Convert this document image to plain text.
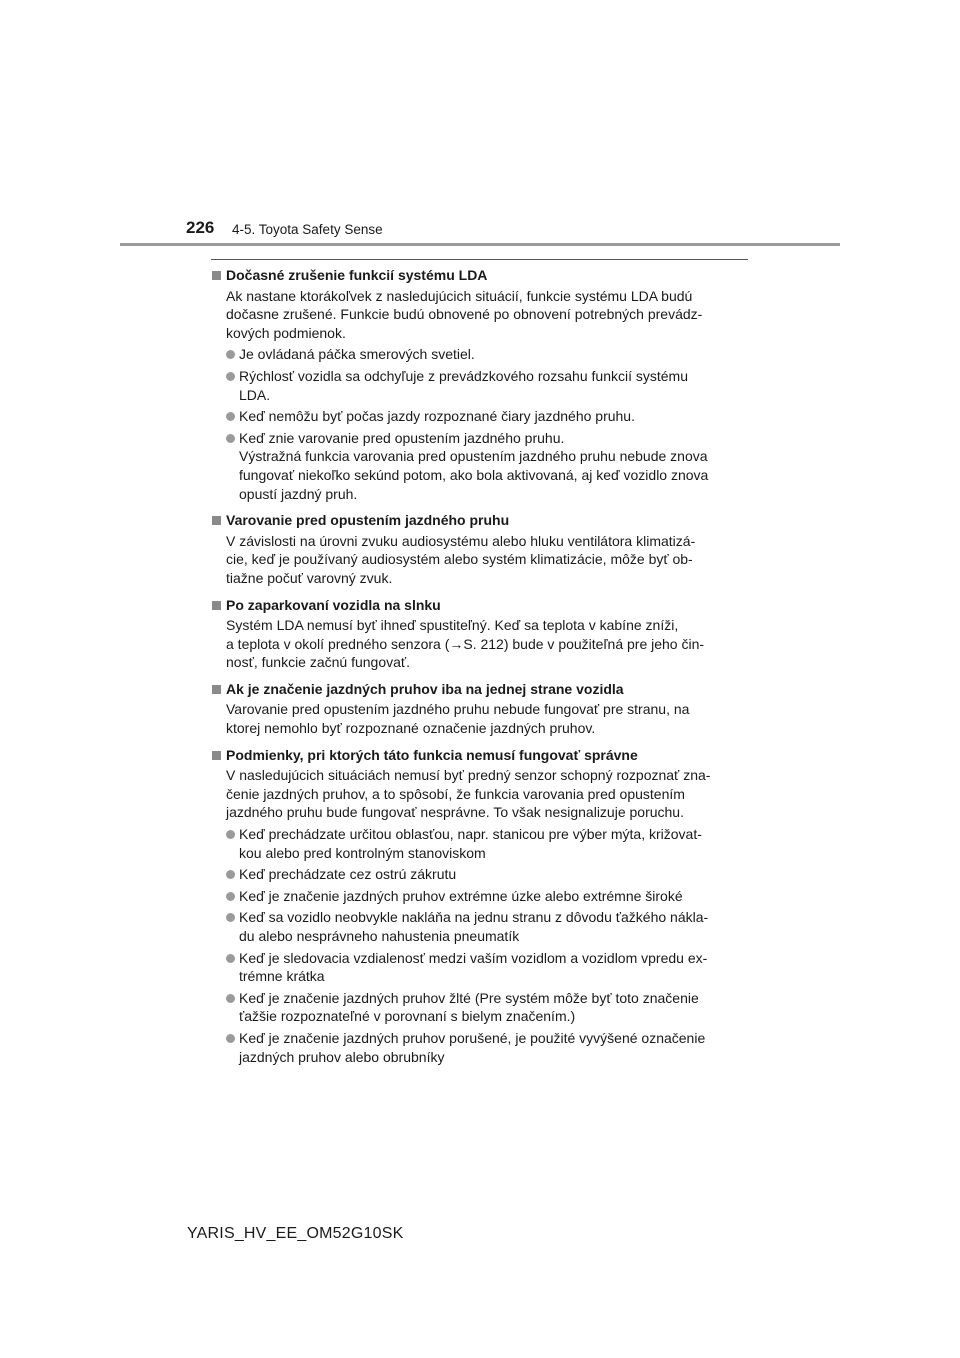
226 4-5. Toyota Safety Sense
Dočasné zrušenie funkcií systému LDA

Ak nastane ktorákoľvek z nasledujúcich situácií, funkcie systému LDA budú
dočasne zrušené. Funkcie budú obnovené po obnovení potrebných prevádz-
kových podmienok.

Je ovládaná páčka smerových svetiel.
Rýchlosť vozidla sa odchyľuje z prevádzkového rozsahu funkcií systému
LDA.
Keď nemôžu byť počas jazdy rozpoznané čiary jazdného pruhu.
Keď znie varovanie pred opustením jazdného pruhu.
Výstražná funkcia varovania pred opustením jazdného pruhu nebude znova
fungovať niekoľko sekúnd potom, ako bola aktivovaná, aj keď vozidlo znova
opustí jazdný pruh.
Varovanie pred opustením jazdného pruhu

V závislosti na úrovni zvuku audiosystému alebo hluku ventilátora klimatizá-
cie, keď je používaný audiosystém alebo systém klimatizácie, môže byť ob-
tiažne počuť varovný zvuk.

Po zaparkovaní vozidla na slnku

Systém LDA nemusí byť ihneď spustiteľný. Keď sa teplota v kabíne zníži,
a teplota v okolí predného senzora (→S. 212) bude v použiteľná pre jeho čin-
nosť, funkcie začnú fungovať.

Ak je značenie jazdných pruhov iba na jednej strane vozidla

Varovanie pred opustením jazdného pruhu nebude fungovať pre stranu, na
ktorej nemohlo byť rozpoznané označenie jazdných pruhov.

Podmienky, pri ktorých táto funkcia nemusí fungovať správne

V nasledujúcich situáciách nemusí byť predný senzor schopný rozpoznať zna-
čenie jazdných pruhov, a to spôsobí, že funkcia varovania pred opustením
jazdného pruhu bude fungovať nesprávne. To však nesignalizuje poruchu.

Keď prechádzate určitou oblasťou, napr. stanicou pre výber mýta, križovat-
kou alebo pred kontrolným stanoviskom
Keď prechádzate cez ostrú zákrutu
Keď je značenie jazdných pruhov extrémne úzke alebo extrémne široké
Keď sa vozidlo neobvykle nakláňa na jednu stranu z dôvodu ťažkého nákla-
du alebo nesprávneho nahustenia pneumatík
Keď je sledovacia vzdialenosť medzi vaším vozidlom a vozidlom vpredu ex-
trémne krátka
Keď je značenie jazdných pruhov žlté (Pre systém môže byť toto značenie
ťažšie rozpoznateľné v porovnaní s bielym značením.)
Keď je značenie jazdných pruhov porušené, je použité vyvýšené označenie
jazdných pruhov alebo obrubníky
YARIS_HV_EE_OM52G10SK
